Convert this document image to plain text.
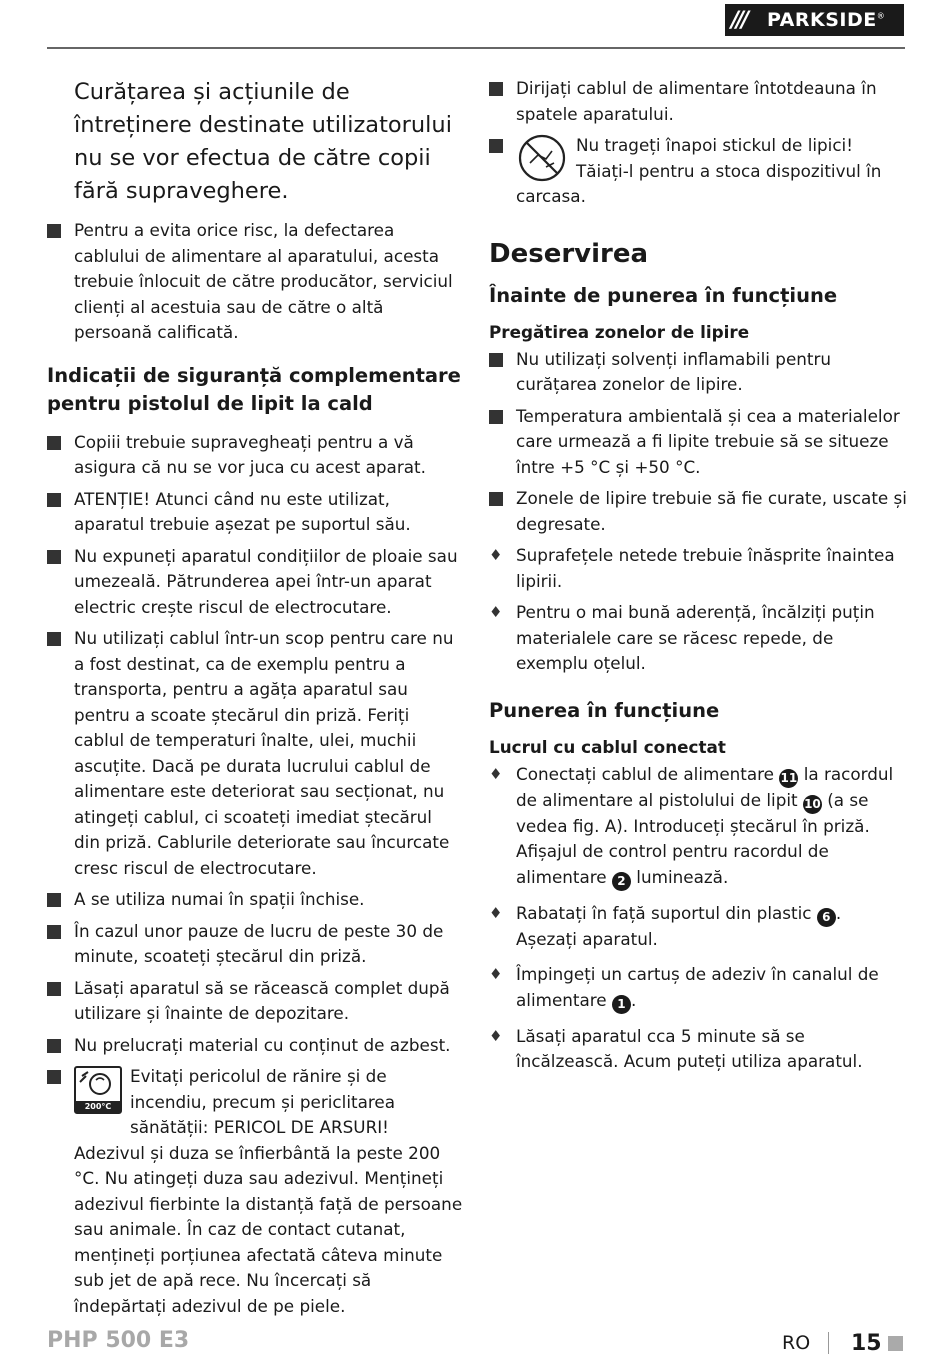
///	PARKSIDE®

Curățarea și acțiunile de întreținere destinate utilizatorului nu se vor efectua de către copii fără supraveghere.

Pentru a evita orice risc, la defectarea cablului de alimentare al aparatului, acesta trebuie înlocuit de către producător, serviciul clienți al acestuia sau de către o altă persoană calificată.
Indicații de siguranță complementare pentru pistolul de lipit la cald
Copiii trebuie supravegheați pentru a vă asigura că nu se vor juca cu acest aparat.
ATENȚIE! Atunci când nu este utilizat, aparatul trebuie așezat pe suportul său.
Nu expuneți aparatul condițiilor de ploaie sau umezeală. Pătrunderea apei într-un aparat electric crește riscul de electrocutare.
Nu utilizați cablul într-un scop pentru care nu a fost destinat, ca de exemplu pentru a transporta, pentru a agăța aparatul sau pentru a scoate ștecărul din priză. Feriți cablul de temperaturi înalte, ulei, muchii ascuțite. Dacă pe durata lucrului cablul de alimentare este deteriorat sau secționat, nu atingeți cablul, ci scoateți imediat ștecărul din priză. Cablurile deteriorate sau încurcate cresc riscul de electrocutare.
A se utiliza numai în spații închise.
În cazul unor pauze de lucru de peste 30 de minute, scoateți ștecărul din priză.
Lăsați aparatul să se răcească complet după utilizare și înainte de depozitare.
Nu prelucrați material cu conținut de azbest.
200°C
Evitați pericolul de rănire și de incendiu, precum și periclitarea sănătății: PERICOL DE ARSURI! Adezivul și duza se înfierbântă la peste 200 °C. Nu atingeți duza sau adezivul. Mențineți adezivul fierbinte la distanță față de persoane sau animale. În caz de contact cutanat, mențineți porțiunea afectată câteva minute sub jet de apă rece. Nu încercați să îndepărtați adezivul de pe piele.
Dirijați cablul de alimentare întotdeauna în spatele aparatului.
Nu trageți înapoi stickul de lipici! Tăiați-l pentru a stoca dispozitivul în carcasa.
Deservirea
Înainte de punerea în funcțiune
Pregătirea zonelor de lipire
Nu utilizați solvenți inflamabili pentru curățarea zonelor de lipire.
Temperatura ambientală și cea a materialelor care urmează a fi lipite trebuie să se situeze între +5 °C și +50 °C.
Zonele de lipire trebuie să fie curate, uscate și degresate.
♦ Suprafețele netede trebuie înăsprite înaintea lipirii.
♦ Pentru o mai bună aderență, încălziți puțin materialele care se răcesc repede, de exemplu oțelul.
Punerea în funcțiune
Lucrul cu cablul conectat
♦ Conectați cablul de alimentare 11 la racordul de alimentare al pistolului de lipit 10 (a se vedea fig. A). Introduceți ștecărul în priză. Afișajul de control pentru racordul de alimentare 2 luminează.
♦ Rabatați în față suportul din plastic 6 . Așezați aparatul.
♦ Împingeți un cartuș de adeziv în canalul de alimentare 1 .
♦ Lăsați aparatul cca 5 minute să se încălzească. Acum puteți utiliza aparatul.
PHP 500 E3	RO	15
